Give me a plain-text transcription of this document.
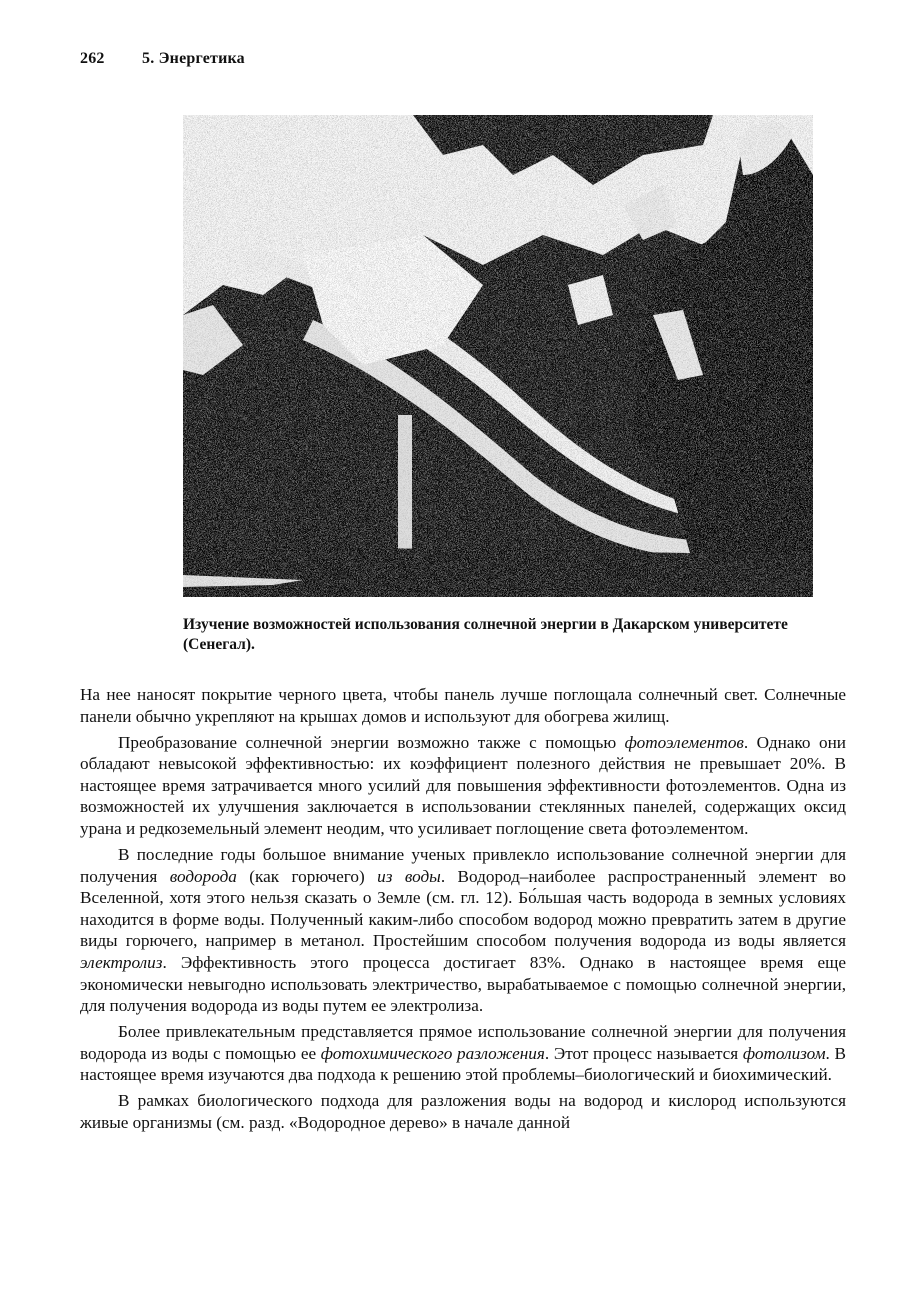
262 5. Энергетика
Изучение возможностей использования солнечной энергии в Дакарском университете (Сенегал).

На нее наносят покрытие черного цвета, чтобы панель лучше поглощала солнечный свет. Солнечные панели обычно укрепляют на крышах домов и используют для обогрева жилищ.

Преобразование солнечной энергии возможно также с помощью фотоэлементов. Однако они обладают невысокой эффективностью: их коэффициент полезного действия не превышает 20%. В настоящее время затрачивается много усилий для повышения эффективности фотоэлементов. Одна из возможностей их улучшения заключается в использовании стеклянных панелей, содержащих оксид урана и редкоземельный элемент неодим, что усиливает поглощение света фотоэлементом.

В последние годы большое внимание ученых привлекло использование солнечной энергии для получения водорода (как горючего) из воды. Водород–наиболее распространенный элемент во Вселенной, хотя этого нельзя сказать о Земле (см. гл. 12). Бо́льшая часть водорода в земных условиях находится в форме воды. Полученный каким-либо способом водород можно превратить затем в другие виды горючего, например в метанол. Простейшим способом получения водорода из воды является электролиз. Эффективность этого процесса достигает 83%. Однако в настоящее время еще экономически невыгодно использовать электричество, вырабатываемое с помощью солнечной энергии, для получения водорода из воды путем ее электролиза.

Более привлекательным представляется прямое использование солнечной энергии для получения водорода из воды с помощью ее фотохимического разложения. Этот процесс называется фотолизом. В настоящее время изучаются два подхода к решению этой проблемы–биологический и биохимический.

В рамках биологического подхода для разложения воды на водород и кислород используются живые организмы (см. разд. «Водородное дерево» в начале данной
